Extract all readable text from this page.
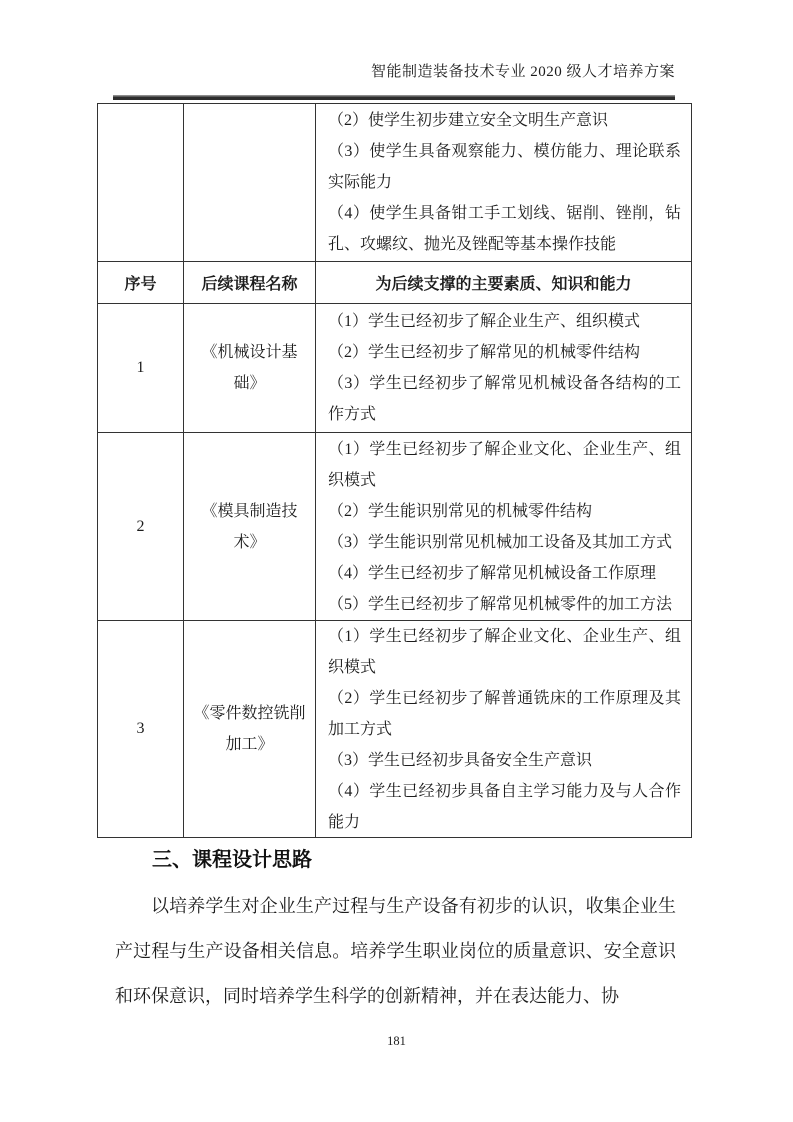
智能制造装备技术专业 2020 级人才培养方案
（2）使学生初步建立安全文明生产意识
（3）使学生具备观察能力、模仿能力、理论联系实际能力
（4）使学生具备钳工手工划线、锯削、锉削，钻孔、攻螺纹、抛光及锉配等基本操作技能
序号	后续课程名称	为后续支撑的主要素质、知识和能力
1
《机械设计基
础》
（1）学生已经初步了解企业生产、组织模式
（2）学生已经初步了解常见的机械零件结构
（3）学生已经初步了解常见机械设备各结构的工作方式
2
《模具制造技
术》
（1）学生已经初步了解企业文化、企业生产、组织模式
（2）学生能识别常见的机械零件结构
（3）学生能识别常见机械加工设备及其加工方式
（4）学生已经初步了解常见机械设备工作原理
（5）学生已经初步了解常见机械零件的加工方法
3
《零件数控铣削
加工》
（1）学生已经初步了解企业文化、企业生产、组织模式
（2）学生已经初步了解普通铣床的工作原理及其加工方式
（3）学生已经初步具备安全生产意识
（4）学生已经初步具备自主学习能力及与人合作能力
三、课程设计思路
以培养学生对企业生产过程与生产设备有初步的认识，收集企业生产过程与生产设备相关信息。培养学生职业岗位的质量意识、安全意识和环保意识，同时培养学生科学的创新精神，并在表达能力、协
181
